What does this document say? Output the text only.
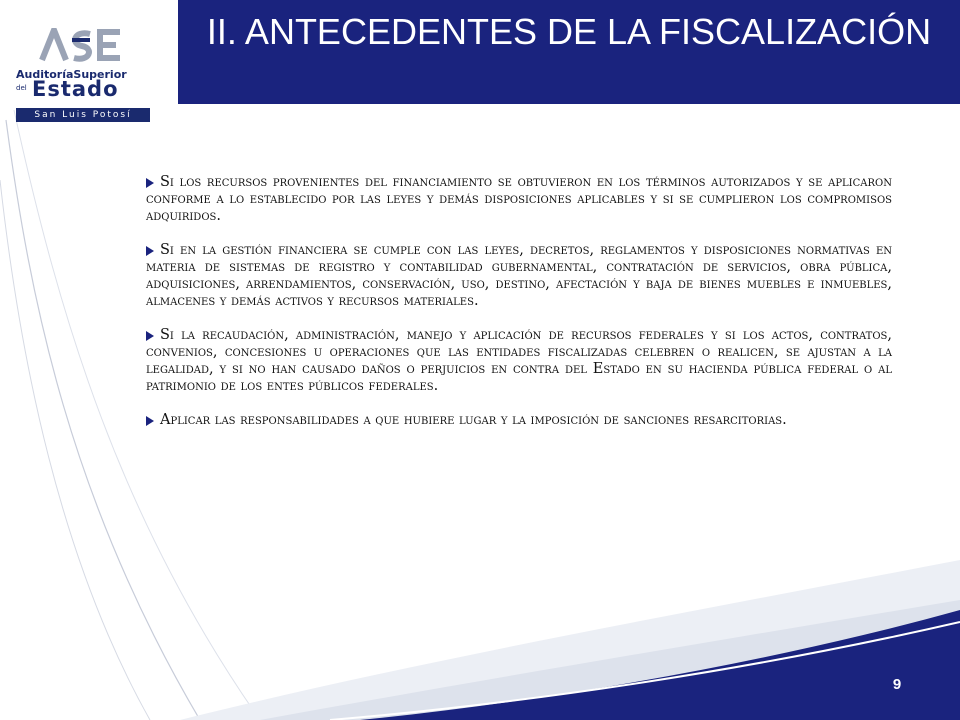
AuditoríaSuperior
del Estado
San Luis Potosí
II. ANTECEDENTES DE LA FISCALIZACIÓN

Si los recursos provenientes del financiamiento se obtuvieron en los términos autorizados y se aplicaron conforme a lo establecido por las leyes y demás disposiciones aplicables y si se cumplieron los compromisos adquiridos.

Si en la gestión financiera se cumple con las leyes, decretos, reglamentos y disposiciones normativas en materia de sistemas de registro y contabilidad gubernamental, contratación de servicios, obra pública, adquisiciones, arrendamientos, conservación, uso, destino, afectación y baja de bienes muebles e inmuebles, almacenes y demás activos y recursos materiales.

Si la recaudación, administración, manejo y aplicación de recursos federales y si los actos, contratos, convenios, concesiones u operaciones que las entidades fiscalizadas celebren o realicen, se ajustan a la legalidad, y si no han causado daños o perjuicios en contra del Estado en su hacienda pública federal o al patrimonio de los entes públicos federales.

Aplicar las responsabilidades a que hubiere lugar y la imposición de sanciones resarcitorias.

9
